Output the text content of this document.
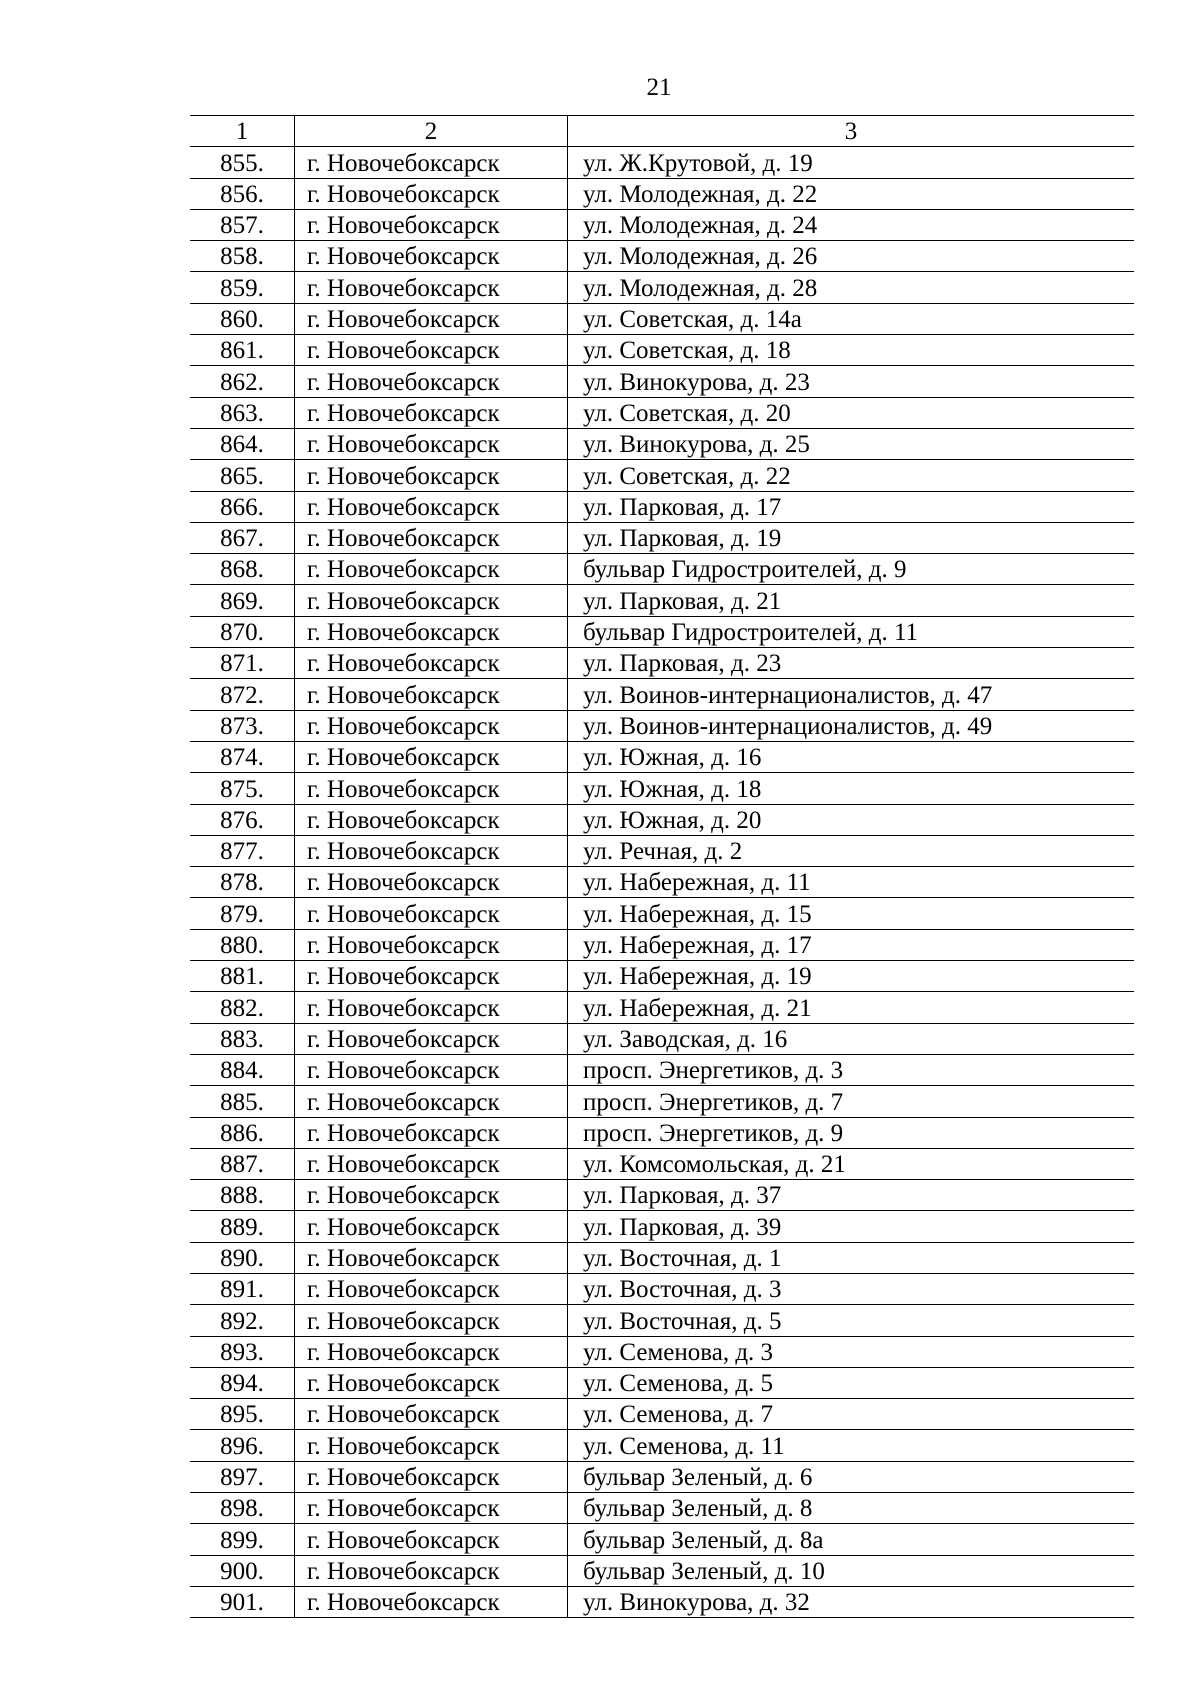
21
1	2	3
855.	г. Новочебоксарск	ул. Ж.Крутовой, д. 19
856.	г. Новочебоксарск	ул. Молодежная, д. 22
857.	г. Новочебоксарск	ул. Молодежная, д. 24
858.	г. Новочебоксарск	ул. Молодежная, д. 26
859.	г. Новочебоксарск	ул. Молодежная, д. 28
860.	г. Новочебоксарск	ул. Советская, д. 14а
861.	г. Новочебоксарск	ул. Советская, д. 18
862.	г. Новочебоксарск	ул. Винокурова, д. 23
863.	г. Новочебоксарск	ул. Советская, д. 20
864.	г. Новочебоксарск	ул. Винокурова, д. 25
865.	г. Новочебоксарск	ул. Советская, д. 22
866.	г. Новочебоксарск	ул. Парковая, д. 17
867.	г. Новочебоксарск	ул. Парковая, д. 19
868.	г. Новочебоксарск	бульвар Гидростроителей, д. 9
869.	г. Новочебоксарск	ул. Парковая, д. 21
870.	г. Новочебоксарск	бульвар Гидростроителей, д. 11
871.	г. Новочебоксарск	ул. Парковая, д. 23
872.	г. Новочебоксарск	ул. Воинов-интернационалистов, д. 47
873.	г. Новочебоксарск	ул. Воинов-интернационалистов, д. 49
874.	г. Новочебоксарск	ул. Южная, д. 16
875.	г. Новочебоксарск	ул. Южная, д. 18
876.	г. Новочебоксарск	ул. Южная, д. 20
877.	г. Новочебоксарск	ул. Речная, д. 2
878.	г. Новочебоксарск	ул. Набережная, д. 11
879.	г. Новочебоксарск	ул. Набережная, д. 15
880.	г. Новочебоксарск	ул. Набережная, д. 17
881.	г. Новочебоксарск	ул. Набережная, д. 19
882.	г. Новочебоксарск	ул. Набережная, д. 21
883.	г. Новочебоксарск	ул. Заводская, д. 16
884.	г. Новочебоксарск	просп. Энергетиков, д. 3
885.	г. Новочебоксарск	просп. Энергетиков, д. 7
886.	г. Новочебоксарск	просп. Энергетиков, д. 9
887.	г. Новочебоксарск	ул. Комсомольская, д. 21
888.	г. Новочебоксарск	ул. Парковая, д. 37
889.	г. Новочебоксарск	ул. Парковая, д. 39
890.	г. Новочебоксарск	ул. Восточная, д. 1
891.	г. Новочебоксарск	ул. Восточная, д. 3
892.	г. Новочебоксарск	ул. Восточная, д. 5
893.	г. Новочебоксарск	ул. Семенова, д. 3
894.	г. Новочебоксарск	ул. Семенова, д. 5
895.	г. Новочебоксарск	ул. Семенова, д. 7
896.	г. Новочебоксарск	ул. Семенова, д. 11
897.	г. Новочебоксарск	бульвар Зеленый, д. 6
898.	г. Новочебоксарск	бульвар Зеленый, д. 8
899.	г. Новочебоксарск	бульвар Зеленый, д. 8а
900.	г. Новочебоксарск	бульвар Зеленый, д. 10
901.	г. Новочебоксарск	ул. Винокурова, д. 32
